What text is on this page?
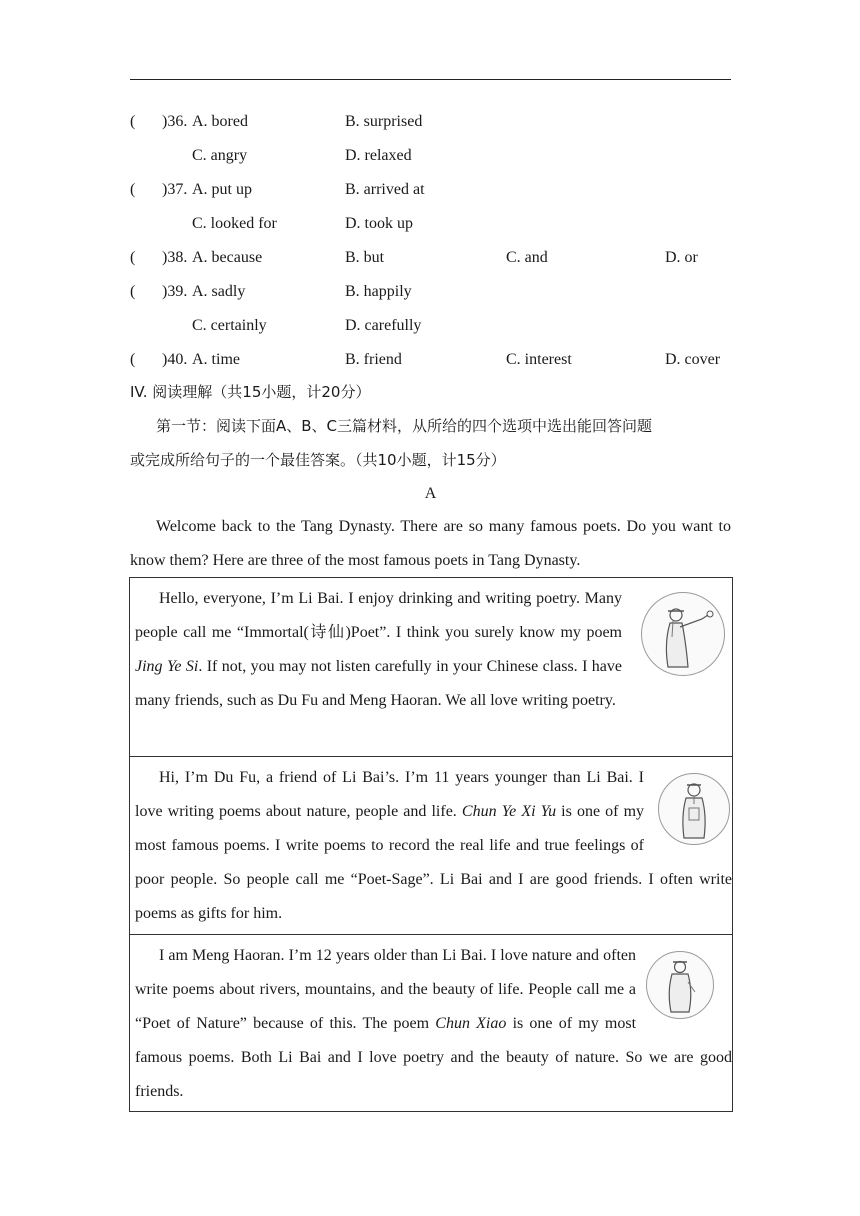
( )36. A. bored	B. surprised
C. angry	D. relaxed
( )37. A. put up	B. arrived at
C. looked for	D. took up
( )38. A. because	B. but	C. and	D. or
( )39. A. sadly	B. happily
C. certainly	D. carefully
( )40. A. time	B. friend	C. interest	D. cover
IV. 阅读理解（共15小题，计20分）
第一节：阅读下面A、B、C三篇材料，从所给的四个选项中选出能回答问题
或完成所给句子的一个最佳答案。（共10小题，计15分）
A
Welcome back to the Tang Dynasty. There are so many famous poets. Do you want to know them? Here are three of the most famous poets in Tang Dynasty.

Hello, everyone, I’m Li Bai. I enjoy drinking and writing poetry. Many people call me “Immortal(诗仙)Poet”. I think you surely know my poem Jing Ye Si. If not, you may not listen carefully in your Chinese class. I have many friends, such as Du Fu and Meng Haoran. We all love writing poetry.

Hi, I’m Du Fu, a friend of Li Bai’s. I’m 11 years younger than Li Bai. I love writing poems about nature, people and life. Chun Ye Xi Yu is one of my most famous poems. I write poems to record the real life and true feelings of poor people. So people call me “Poet-Sage”. Li Bai and I are good friends. I often write poems as gifts for him.

I am Meng Haoran. I’m 12 years older than Li Bai. I love nature and often write poems about rivers, mountains, and the beauty of life. People call me a “Poet of Nature” because of this. The poem Chun Xiao is one of my most famous poems. Both Li Bai and I love poetry and the beauty of nature. So we are good friends.
